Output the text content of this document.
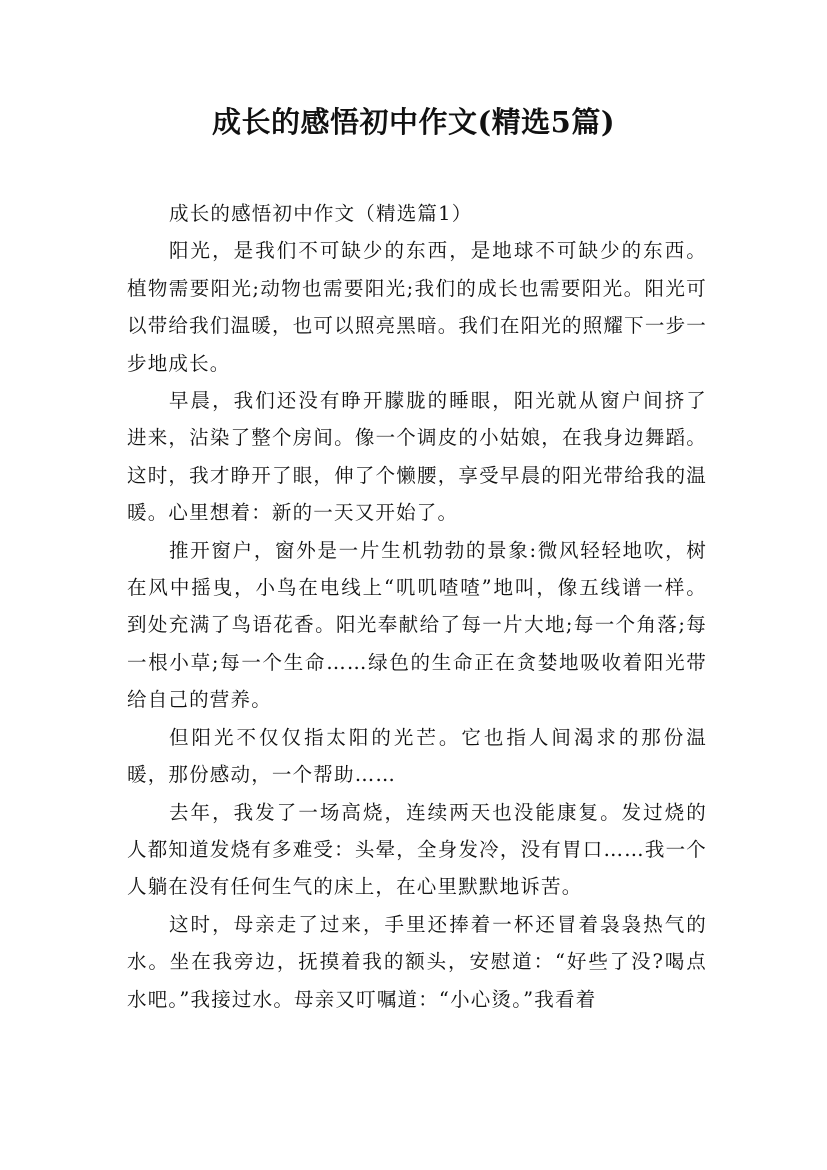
成长的感悟初中作文(精选5篇)

成长的感悟初中作文（精选篇1）

阳光，是我们不可缺少的东西，是地球不可缺少的东西。植物需要阳光;动物也需要阳光;我们的成长也需要阳光。阳光可以带给我们温暖，也可以照亮黑暗。我们在阳光的照耀下一步一步地成长。

早晨，我们还没有睁开朦胧的睡眼，阳光就从窗户间挤了进来，沾染了整个房间。像一个调皮的小姑娘，在我身边舞蹈。这时，我才睁开了眼，伸了个懒腰，享受早晨的阳光带给我的温暖。心里想着：新的一天又开始了。

推开窗户，窗外是一片生机勃勃的景象:微风轻轻地吹，树在风中摇曳，小鸟在电线上“叽叽喳喳”地叫，像五线谱一样。到处充满了鸟语花香。阳光奉献给了每一片大地;每一个角落;每一根小草;每一个生命……绿色的生命正在贪婪地吸收着阳光带给自己的营养。

但阳光不仅仅指太阳的光芒。它也指人间渴求的那份温暖，那份感动，一个帮助……

去年，我发了一场高烧，连续两天也没能康复。发过烧的人都知道发烧有多难受：头晕，全身发冷，没有胃口……我一个人躺在没有任何生气的床上，在心里默默地诉苦。

这时，母亲走了过来，手里还捧着一杯还冒着袅袅热气的水。坐在我旁边，抚摸着我的额头，安慰道：“好些了没?喝点水吧。”我接过水。母亲又叮嘱道：“小心烫。”我看着
